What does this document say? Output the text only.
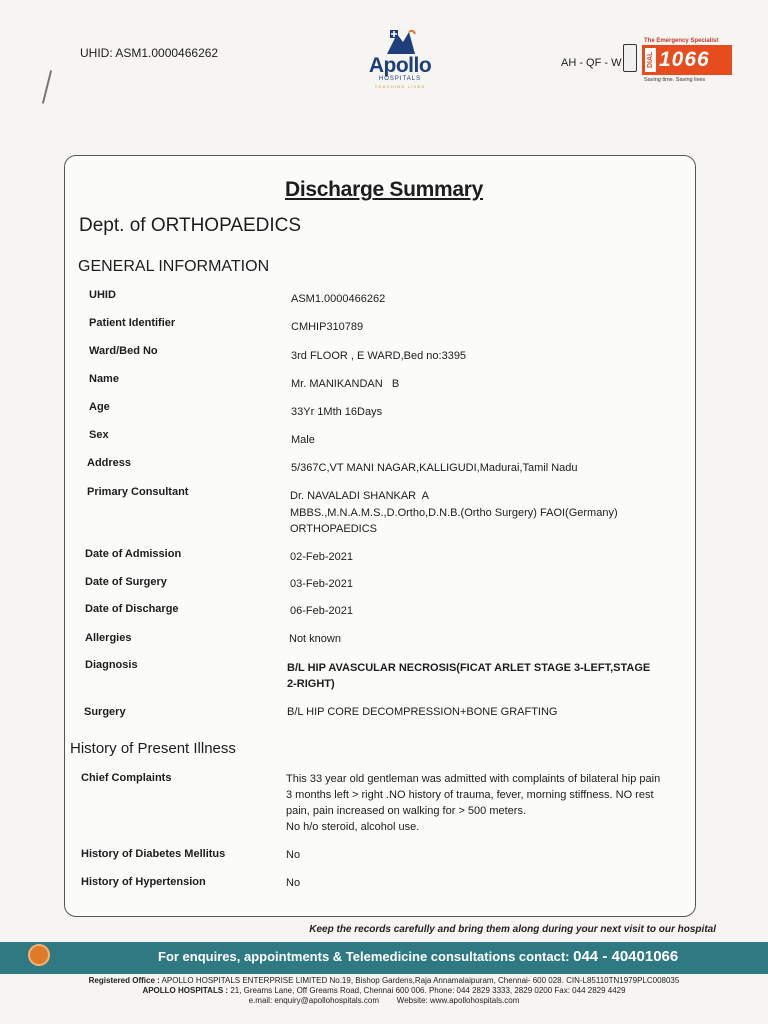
UHID: ASM1.0000466262
Apollo
HOSPITALS
TOUCHING LIVES
AH - QF - W
The Emergency Specialist
DIAL 1066
Saving time. Saving lives
Discharge Summary
Dept. of ORTHOPAEDICS
GENERAL INFORMATION
UHID	ASM1.0000466262
Patient Identifier	CMHIP310789
Ward/Bed No	3rd FLOOR , E WARD,Bed no:3395
Name	Mr. MANIKANDAN   B
Age	33Yr 1Mth 16Days
Sex	Male
Address	5/367C,VT MANI NAGAR,KALLIGUDI,Madurai,Tamil Nadu
Primary Consultant	Dr. NAVALADI SHANKAR  A
MBBS.,M.N.A.M.S.,D.Ortho,D.N.B.(Ortho Surgery) FAOI(Germany)
ORTHOPAEDICS
Date of Admission	02-Feb-2021
Date of Surgery	03-Feb-2021
Date of Discharge	06-Feb-2021
Allergies	Not known
Diagnosis	B/L HIP AVASCULAR NECROSIS(FICAT ARLET STAGE 3-LEFT,STAGE
2-RIGHT)
Surgery	B/L HIP CORE DECOMPRESSION+BONE GRAFTING
History of Present Illness
Chief Complaints	This 33 year old gentleman was admitted with complaints of bilateral hip pain
3 months left > right .NO history of trauma, fever, morning stiffness. NO rest
pain, pain increased on walking for > 500 meters.
No h/o steroid, alcohol use.
History of Diabetes Mellitus	No
History of Hypertension	No
Keep the records carefully and bring them along during your next visit to our hospital
For enquires, appointments & Telemedicine consultations contact: 044 - 40401066
Registered Office : APOLLO HOSPITALS ENTERPRISE LIMITED No.19, Bishop Gardens,Raja Annamalaipuram, Chennai- 600 028. CIN-L85110TN1979PLC008035
APOLLO HOSPITALS : 21, Greams Lane, Off Greams Road, Chennai 600 006. Phone: 044 2829 3333, 2829 0200 Fax: 044 2829 4429
e.mail: enquiry@apollohospitals.com        Website: www.apollohospitals.com
